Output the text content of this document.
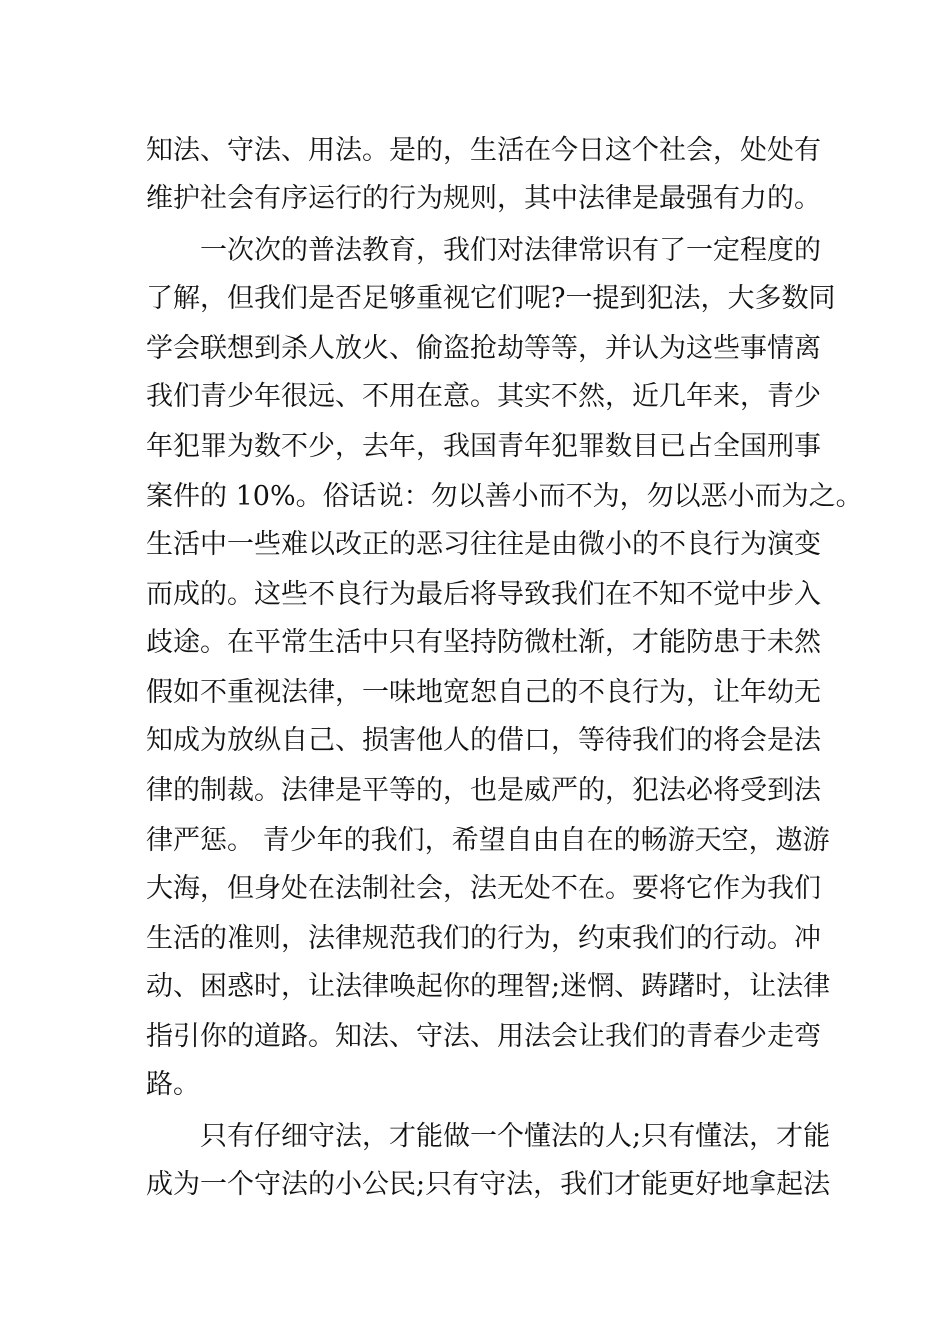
知法、守法、用法。是的，生活在今日这个社会，处处有
维护社会有序运行的行为规则，其中法律是最强有力的。
一次次的普法教育，我们对法律常识有了一定程度的
了解，但我们是否足够重视它们呢?一提到犯法，大多数同
学会联想到杀人放火、偷盗抢劫等等，并认为这些事情离
我们青少年很远、不用在意。其实不然，近几年来，青少
年犯罪为数不少，去年，我国青年犯罪数目已占全国刑事
案件的 10%。俗话说：勿以善小而不为，勿以恶小而为之。
生活中一些难以改正的恶习往往是由微小的不良行为演变
而成的。这些不良行为最后将导致我们在不知不觉中步入
歧途。在平常生活中只有坚持防微杜渐，才能防患于未然
假如不重视法律，一味地宽恕自己的不良行为，让年幼无
知成为放纵自己、损害他人的借口，等待我们的将会是法
律的制裁。法律是平等的，也是威严的，犯法必将受到法
律严惩。 青少年的我们，希望自由自在的畅游天空，遨游
大海，但身处在法制社会，法无处不在。要将它作为我们
生活的准则，法律规范我们的行为，约束我们的行动。冲
动、困惑时，让法律唤起你的理智;迷惘、踌躇时，让法律
指引你的道路。知法、守法、用法会让我们的青春少走弯
路。
只有仔细守法，才能做一个懂法的人;只有懂法，才能
成为一个守法的小公民;只有守法，我们才能更好地拿起法
